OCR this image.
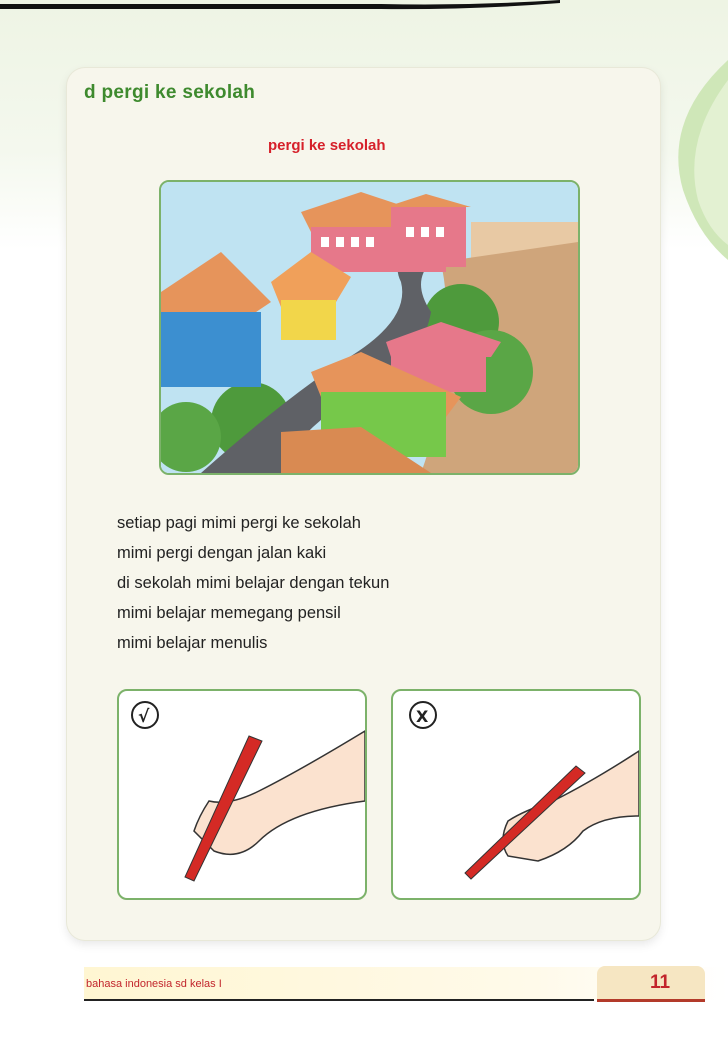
d pergi ke sekolah

pergi ke sekolah

setiap pagi mimi pergi ke sekolah
mimi pergi dengan jalan kaki
di sekolah mimi belajar dengan tekun
mimi belajar memegang pensil
mimi belajar menulis
√	X

bahasa indonesia sd kelas I	11
